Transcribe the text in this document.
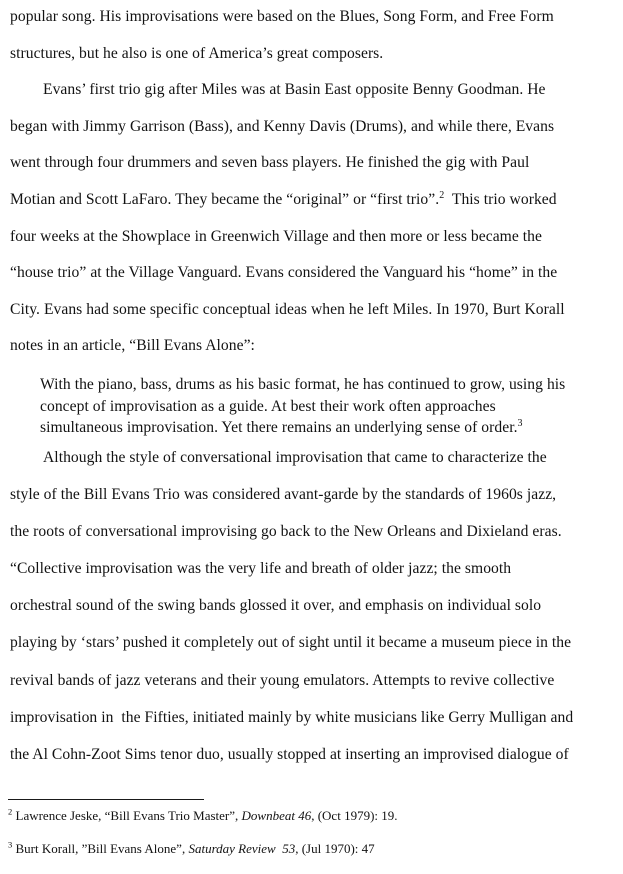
popular song. His improvisations were based on the Blues, Song Form, and Free Form
structures, but he also is one of America’s great composers.
Evans’ first trio gig after Miles was at Basin East opposite Benny Goodman. He
began with Jimmy Garrison (Bass), and Kenny Davis (Drums), and while there, Evans
went through four drummers and seven bass players. He finished the gig with Paul
Motian and Scott LaFaro. They became the “original” or “first trio”.$^2$  This trio worked
four weeks at the Showplace in Greenwich Village and then more or less became the
“house trio” at the Village Vanguard. Evans considered the Vanguard his “home” in the
City. Evans had some specific conceptual ideas when he left Miles. In 1970, Burt Korall
notes in an article, “Bill Evans Alone”:
With the piano, bass, drums as his basic format, he has continued to grow, using his
concept of improvisation as a guide. At best their work often approaches
simultaneous improvisation. Yet there remains an underlying sense of order.$^3$
Although the style of conversational improvisation that came to characterize the
style of the Bill Evans Trio was considered avant-garde by the standards of 1960s jazz,
the roots of conversational improvising go back to the New Orleans and Dixieland eras.
“Collective improvisation was the very life and breath of older jazz; the smooth
orchestral sound of the swing bands glossed it over, and emphasis on individual solo
playing by ‘stars’ pushed it completely out of sight until it became a museum piece in the
revival bands of jazz veterans and their young emulators. Attempts to revive collective
improvisation in  the Fifties, initiated mainly by white musicians like Gerry Mulligan and
the Al Cohn-Zoot Sims tenor duo, usually stopped at inserting an improvised dialogue of
$^2$ Lawrence Jeske, “Bill Evans Trio Master”, Downbeat 46, (Oct 1979): 19.
$^3$ Burt Korall, ”Bill Evans Alone”, Saturday Review  53, (Jul 1970): 47
